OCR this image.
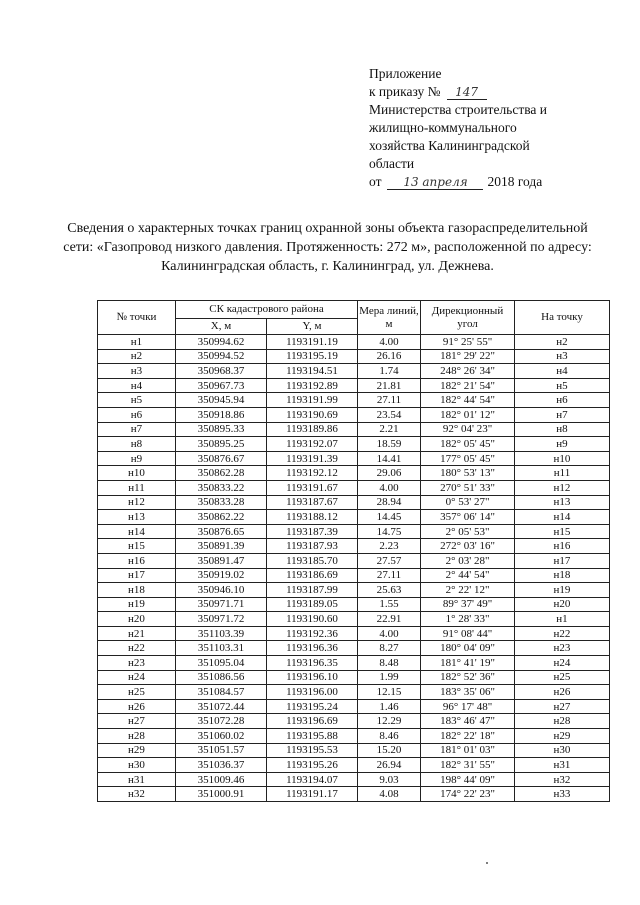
Приложение
к приказу № 147
Министерства строительства и
жилищно-коммунального
хозяйства Калининградской
области
от 13 апреля 2018 года
Сведения о характерных точках границ охранной зоны объекта газораспределительной сети: «Газопровод низкого давления. Протяженность: 272 м», расположенной по адресу: Калининградская область, г. Калининград, ул. Дежнева.
№ точки	СК кадастрового района		Мера линий, м	Дирекционный угол	На точку
	Х, м	Y, м			
н1	350994.62	1193191.19	4.00	91° 25' 55"	н2
н2	350994.52	1193195.19	26.16	181° 29' 22"	н3
н3	350968.37	1193194.51	1.74	248° 26' 34"	н4
н4	350967.73	1193192.89	21.81	182° 21' 54"	н5
н5	350945.94	1193191.99	27.11	182° 44' 54"	н6
н6	350918.86	1193190.69	23.54	182° 01' 12"	н7
н7	350895.33	1193189.86	2.21	92° 04' 23"	н8
н8	350895.25	1193192.07	18.59	182° 05' 45"	н9
н9	350876.67	1193191.39	14.41	177° 05' 45"	н10
н10	350862.28	1193192.12	29.06	180° 53' 13"	н11
н11	350833.22	1193191.67	4.00	270° 51' 33"	н12
н12	350833.28	1193187.67	28.94	0° 53' 27"	н13
н13	350862.22	1193188.12	14.45	357° 06' 14"	н14
н14	350876.65	1193187.39	14.75	2° 05' 53"	н15
н15	350891.39	1193187.93	2.23	272° 03' 16"	н16
н16	350891.47	1193185.70	27.57	2° 03' 28"	н17
н17	350919.02	1193186.69	27.11	2° 44' 54"	н18
н18	350946.10	1193187.99	25.63	2° 22' 12"	н19
н19	350971.71	1193189.05	1.55	89° 37' 49"	н20
н20	350971.72	1193190.60	22.91	1° 28' 33"	н1
н21	351103.39	1193192.36	4.00	91° 08' 44"	н22
н22	351103.31	1193196.36	8.27	180° 04' 09"	н23
н23	351095.04	1193196.35	8.48	181° 41' 19"	н24
н24	351086.56	1193196.10	1.99	182° 52' 36"	н25
н25	351084.57	1193196.00	12.15	183° 35' 06"	н26
н26	351072.44	1193195.24	1.46	96° 17' 48"	н27
н27	351072.28	1193196.69	12.29	183° 46' 47"	н28
н28	351060.02	1193195.88	8.46	182° 22' 18"	н29
н29	351051.57	1193195.53	15.20	181° 01' 03"	н30
н30	351036.37	1193195.26	26.94	182° 31' 55"	н31
н31	351009.46	1193194.07	9.03	198° 44' 09"	н32
н32	351000.91	1193191.17	4.08	174° 22' 23"	н33
